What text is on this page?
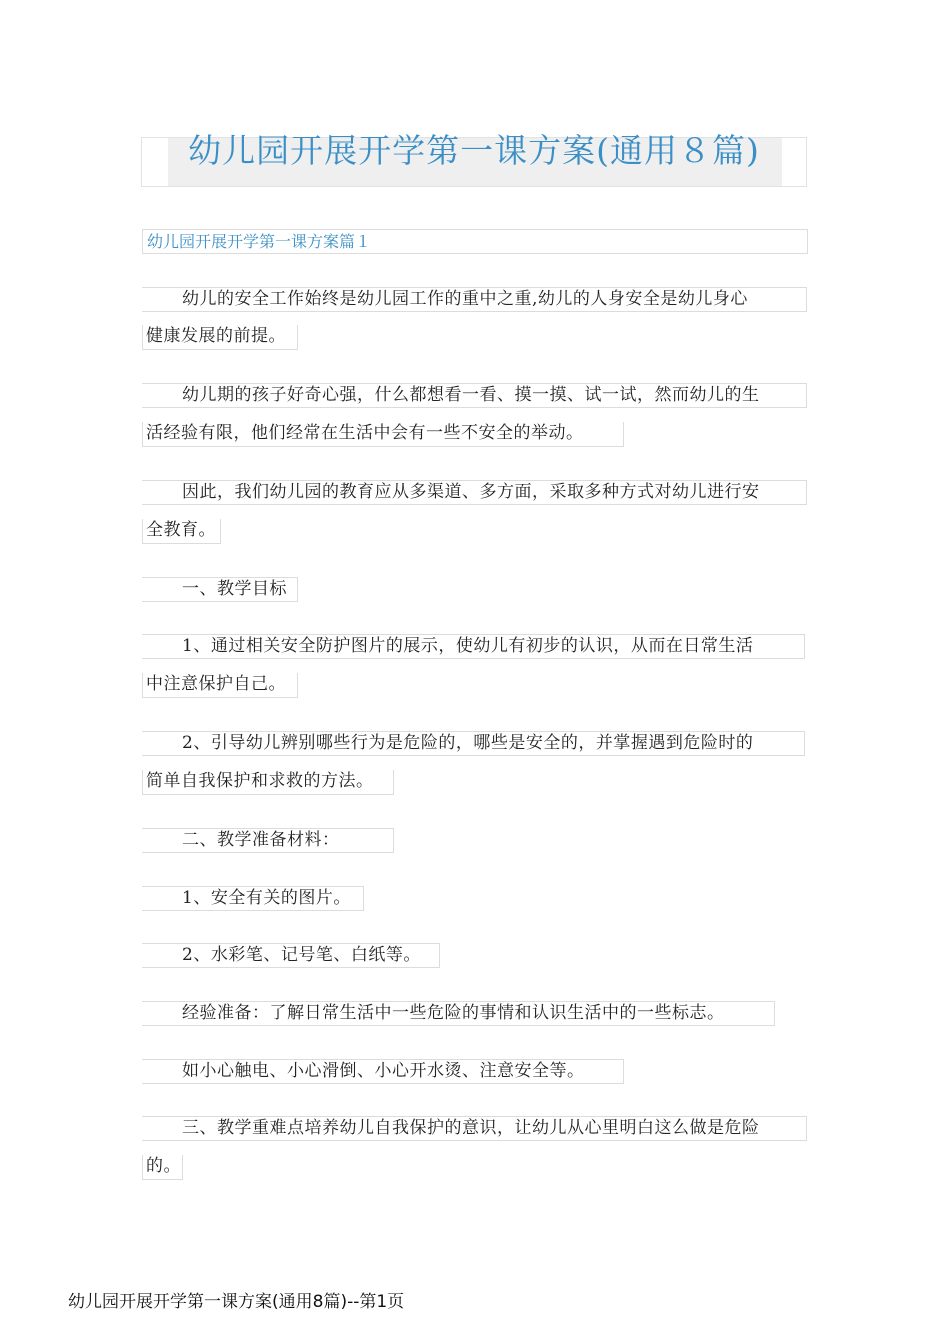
幼儿园开展开学第一课方案(通用８篇)
幼儿园开展开学第一课方案篇１
幼儿的安全工作始终是幼儿园工作的重中之重,幼儿的人身安全是幼儿身心
健康发展的前提。
幼儿期的孩子好奇心强，什么都想看一看、摸一摸、试一试，然而幼儿的生
活经验有限，他们经常在生活中会有一些不安全的举动。
因此，我们幼儿园的教育应从多渠道、多方面，采取多种方式对幼儿进行安
全教育。
一、教学目标
1、通过相关安全防护图片的展示，使幼儿有初步的认识，从而在日常生活
中注意保护自己。
2、引导幼儿辨别哪些行为是危险的，哪些是安全的，并掌握遇到危险时的
简单自我保护和求救的方法。
二、教学准备材料：
1、安全有关的图片。
2、水彩笔、记号笔、白纸等。
经验准备：了解日常生活中一些危险的事情和认识生活中的一些标志。
如小心触电、小心滑倒、小心开水烫、注意安全等。
三、教学重难点培养幼儿自我保护的意识，让幼儿从心里明白这么做是危险
的。
幼儿园开展开学第一课方案(通用8篇)--第1页
